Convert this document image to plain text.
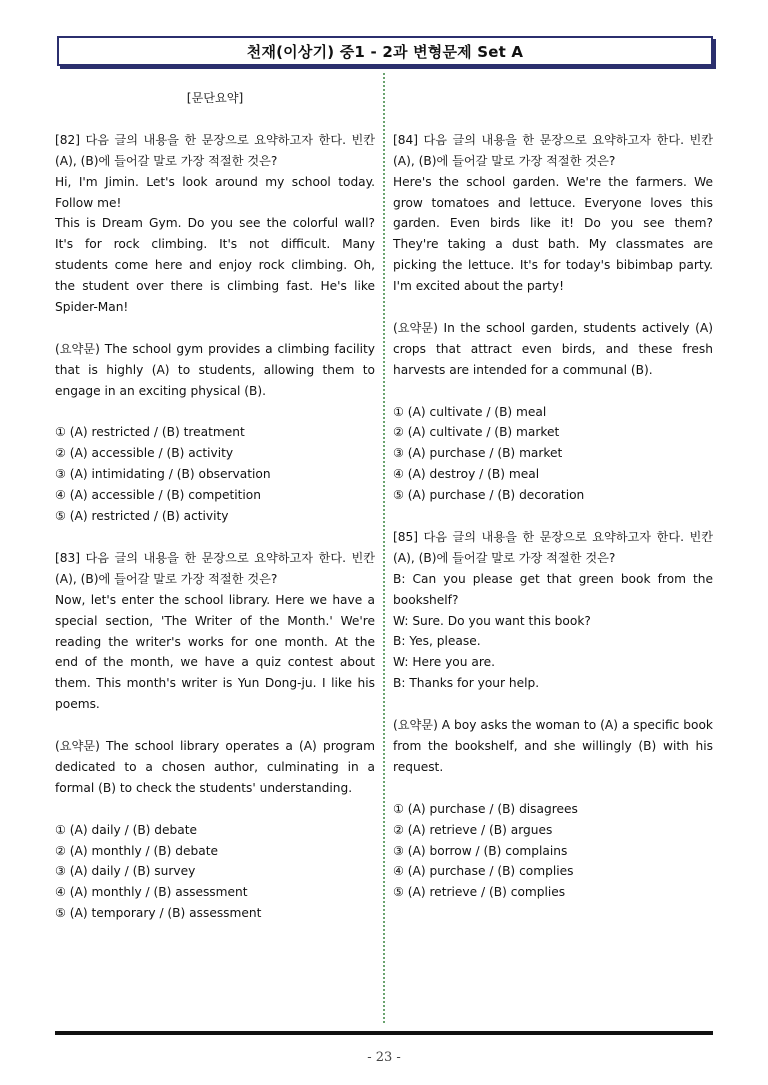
천재(이상기) 중1 - 2과 변형문제 Set A
[문단요약]
[82] 다음 글의 내용을 한 문장으로 요약하고자 한다. 빈칸 (A), (B)에 들어갈 말로 가장 적절한 것은?
Hi, I'm Jimin. Let's look around my school today. Follow me!
This is Dream Gym. Do you see the colorful wall? It's for rock climbing. It's not difficult. Many students come here and enjoy rock climbing. Oh, the student over there is climbing fast. He's like Spider-Man!
(요약문) The school gym provides a climbing facility that is highly (A) to students, allowing them to engage in an exciting physical (B).
① (A) restricted / (B) treatment
② (A) accessible / (B) activity
③ (A) intimidating / (B) observation
④ (A) accessible / (B) competition
⑤ (A) restricted / (B) activity
[83] 다음 글의 내용을 한 문장으로 요약하고자 한다. 빈칸 (A), (B)에 들어갈 말로 가장 적절한 것은?
Now, let's enter the school library. Here we have a special section, 'The Writer of the Month.' We're reading the writer's works for one month. At the end of the month, we have a quiz contest about them. This month's writer is Yun Dong-ju. I like his poems.
(요약문) The school library operates a (A) program dedicated to a chosen author, culminating in a formal (B) to check the students' understanding.
① (A) daily / (B) debate
② (A) monthly / (B) debate
③ (A) daily / (B) survey
④ (A) monthly / (B) assessment
⑤ (A) temporary / (B) assessment
[84] 다음 글의 내용을 한 문장으로 요약하고자 한다. 빈칸 (A), (B)에 들어갈 말로 가장 적절한 것은?
Here's the school garden. We're the farmers. We grow tomatoes and lettuce. Everyone loves this garden. Even birds like it! Do you see them? They're taking a dust bath. My classmates are picking the lettuce. It's for today's bibimbap party. I'm excited about the party!
(요약문) In the school garden, students actively (A) crops that attract even birds, and these fresh harvests are intended for a communal (B).
① (A) cultivate / (B) meal
② (A) cultivate / (B) market
③ (A) purchase / (B) market
④ (A) destroy / (B) meal
⑤ (A) purchase / (B) decoration
[85] 다음 글의 내용을 한 문장으로 요약하고자 한다. 빈칸 (A), (B)에 들어갈 말로 가장 적절한 것은?
B: Can you please get that green book from the bookshelf?
W: Sure. Do you want this book?
B: Yes, please.
W: Here you are.
B: Thanks for your help.
(요약문) A boy asks the woman to (A) a specific book from the bookshelf, and she willingly (B) with his request.
① (A) purchase / (B) disagrees
② (A) retrieve / (B) argues
③ (A) borrow / (B) complains
④ (A) purchase / (B) complies
⑤ (A) retrieve / (B) complies
- 23 -
